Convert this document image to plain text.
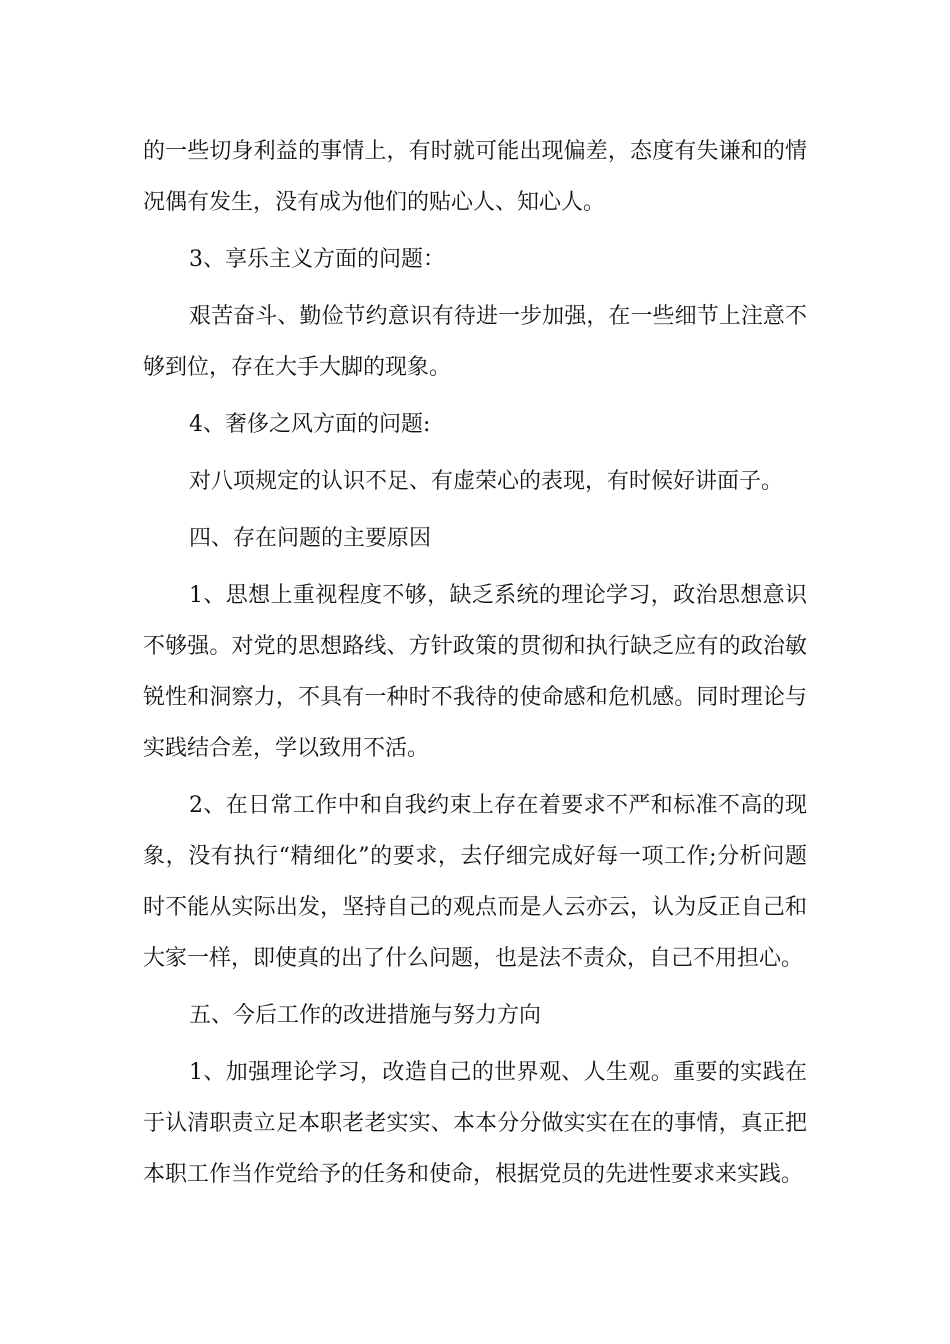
的一些切身利益的事情上，有时就可能出现偏差，态度有失谦和的情况偶有发生，没有成为他们的贴心人、知心人。

3、享乐主义方面的问题：

艰苦奋斗、勤俭节约意识有待进一步加强，在一些细节上注意不够到位，存在大手大脚的现象。

4、奢侈之风方面的问题:

对八项规定的认识不足、有虚荣心的表现，有时候好讲面子。

四、存在问题的主要原因

1、思想上重视程度不够，缺乏系统的理论学习，政治思想意识不够强。对党的思想路线、方针政策的贯彻和执行缺乏应有的政治敏锐性和洞察力，不具有一种时不我待的使命感和危机感。同时理论与实践结合差，学以致用不活。

2、在日常工作中和自我约束上存在着要求不严和标准不高的现象，没有执行“精细化”的要求，去仔细完成好每一项工作;分析问题时不能从实际出发，坚持自己的观点而是人云亦云，认为反正自己和大家一样，即使真的出了什么问题，也是法不责众，自己不用担心。

五、今后工作的改进措施与努力方向

1、加强理论学习，改造自己的世界观、人生观。重要的实践在于认清职责立足本职老老实实、本本分分做实实在在的事情，真正把本职工作当作党给予的任务和使命，根据党员的先进性要求来实践。
